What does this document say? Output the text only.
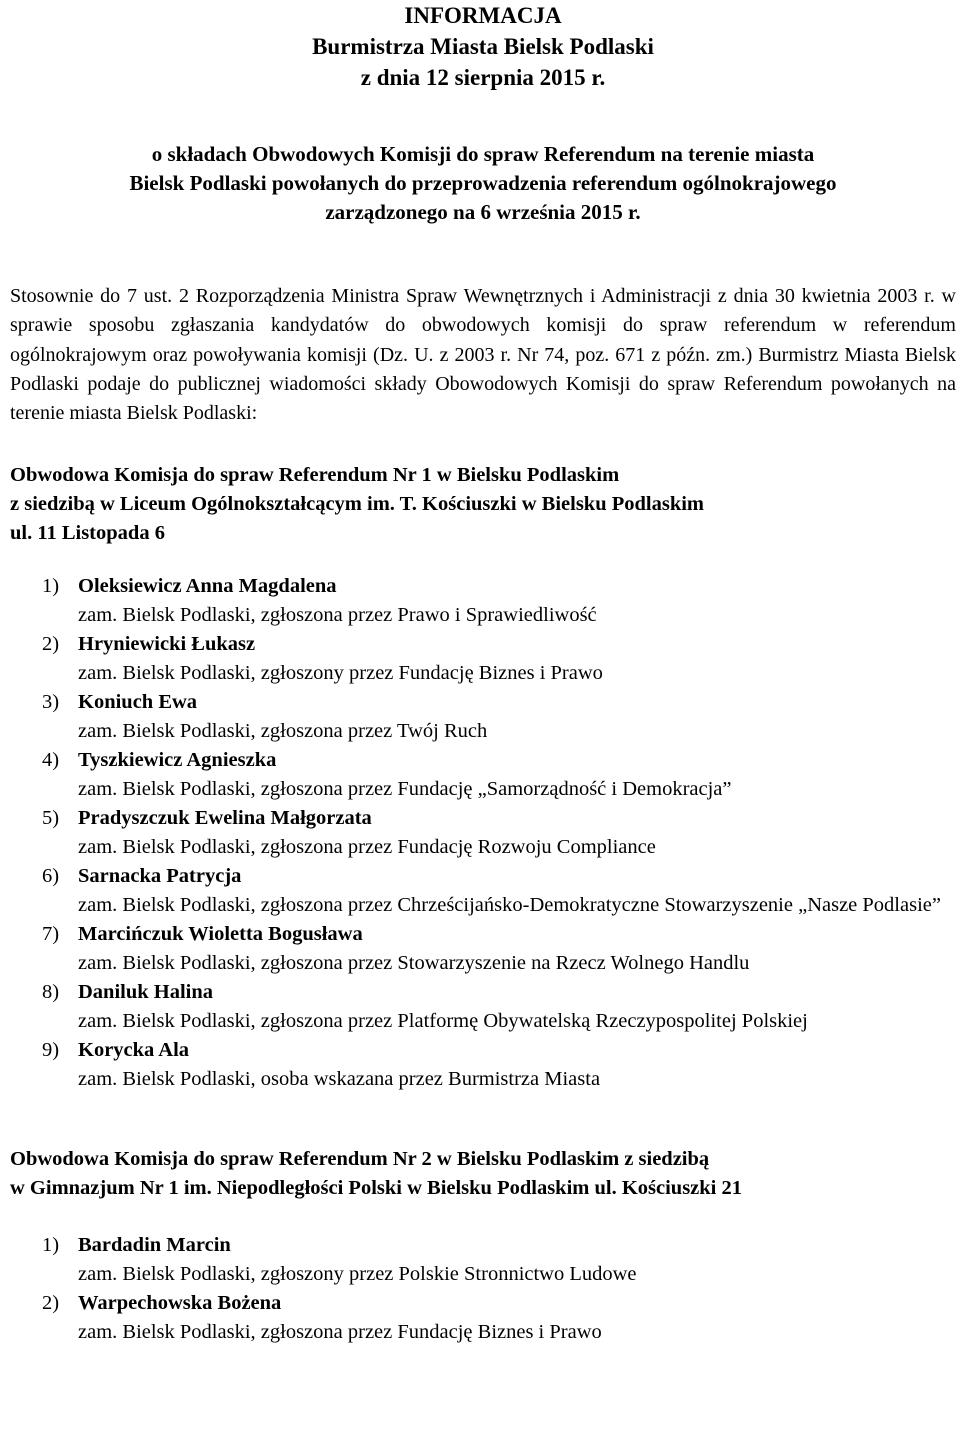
INFORMACJA
Burmistrza Miasta Bielsk Podlaski
z dnia 12 sierpnia 2015 r.
o składach Obwodowych Komisji do spraw Referendum na terenie miasta
Bielsk Podlaski powołanych do przeprowadzenia referendum ogólnokrajowego
zarządzonego na 6 września 2015 r.
Stosownie do 7 ust. 2 Rozporządzenia Ministra Spraw Wewnętrznych i Administracji z dnia 30 kwietnia 2003 r. w sprawie sposobu zgłaszania kandydatów do obwodowych komisji do spraw referendum w referendum ogólnokrajowym oraz powoływania komisji (Dz. U. z 2003 r. Nr 74, poz. 671 z późn. zm.) Burmistrz Miasta Bielsk Podlaski podaje do publicznej wiadomości składy Obowodowych Komisji do spraw Referendum powołanych na terenie miasta Bielsk Podlaski:
Obwodowa Komisja do spraw Referendum Nr 1 w Bielsku Podlaskim
z siedzibą w Liceum Ogólnokształcącym im. T. Kościuszki w Bielsku Podlaskim
ul. 11 Listopada 6
1) Oleksiewicz Anna Magdalena
zam. Bielsk Podlaski, zgłoszona przez Prawo i Sprawiedliwość
2) Hryniewicki Łukasz
zam. Bielsk Podlaski, zgłoszony przez Fundację Biznes i Prawo
3) Koniuch Ewa
zam. Bielsk Podlaski, zgłoszona przez Twój Ruch
4) Tyszkiewicz Agnieszka
zam. Bielsk Podlaski, zgłoszona przez Fundację „Samorządność i Demokracja”
5) Pradyszczuk Ewelina Małgorzata
zam. Bielsk Podlaski, zgłoszona przez Fundację Rozwoju Compliance
6) Sarnacka Patrycja
zam. Bielsk Podlaski, zgłoszona przez Chrześcijańsko-Demokratyczne Stowarzyszenie „Nasze Podlasie”
7) Marcińczuk Wioletta Bogusława
zam. Bielsk Podlaski, zgłoszona przez Stowarzyszenie na Rzecz Wolnego Handlu
8) Daniluk Halina
zam. Bielsk Podlaski, zgłoszona przez Platformę Obywatelską Rzeczypospolitej Polskiej
9) Korycka Ala
zam. Bielsk Podlaski, osoba wskazana przez Burmistrza Miasta
Obwodowa Komisja do spraw Referendum Nr 2 w Bielsku Podlaskim z siedzibą
w Gimnazjum Nr 1 im. Niepodległości Polski w Bielsku Podlaskim ul. Kościuszki 21
1) Bardadin Marcin
zam. Bielsk Podlaski, zgłoszony przez Polskie Stronnictwo Ludowe
2) Warpechowska Bożena
zam. Bielsk Podlaski, zgłoszona przez Fundację Biznes i Prawo
